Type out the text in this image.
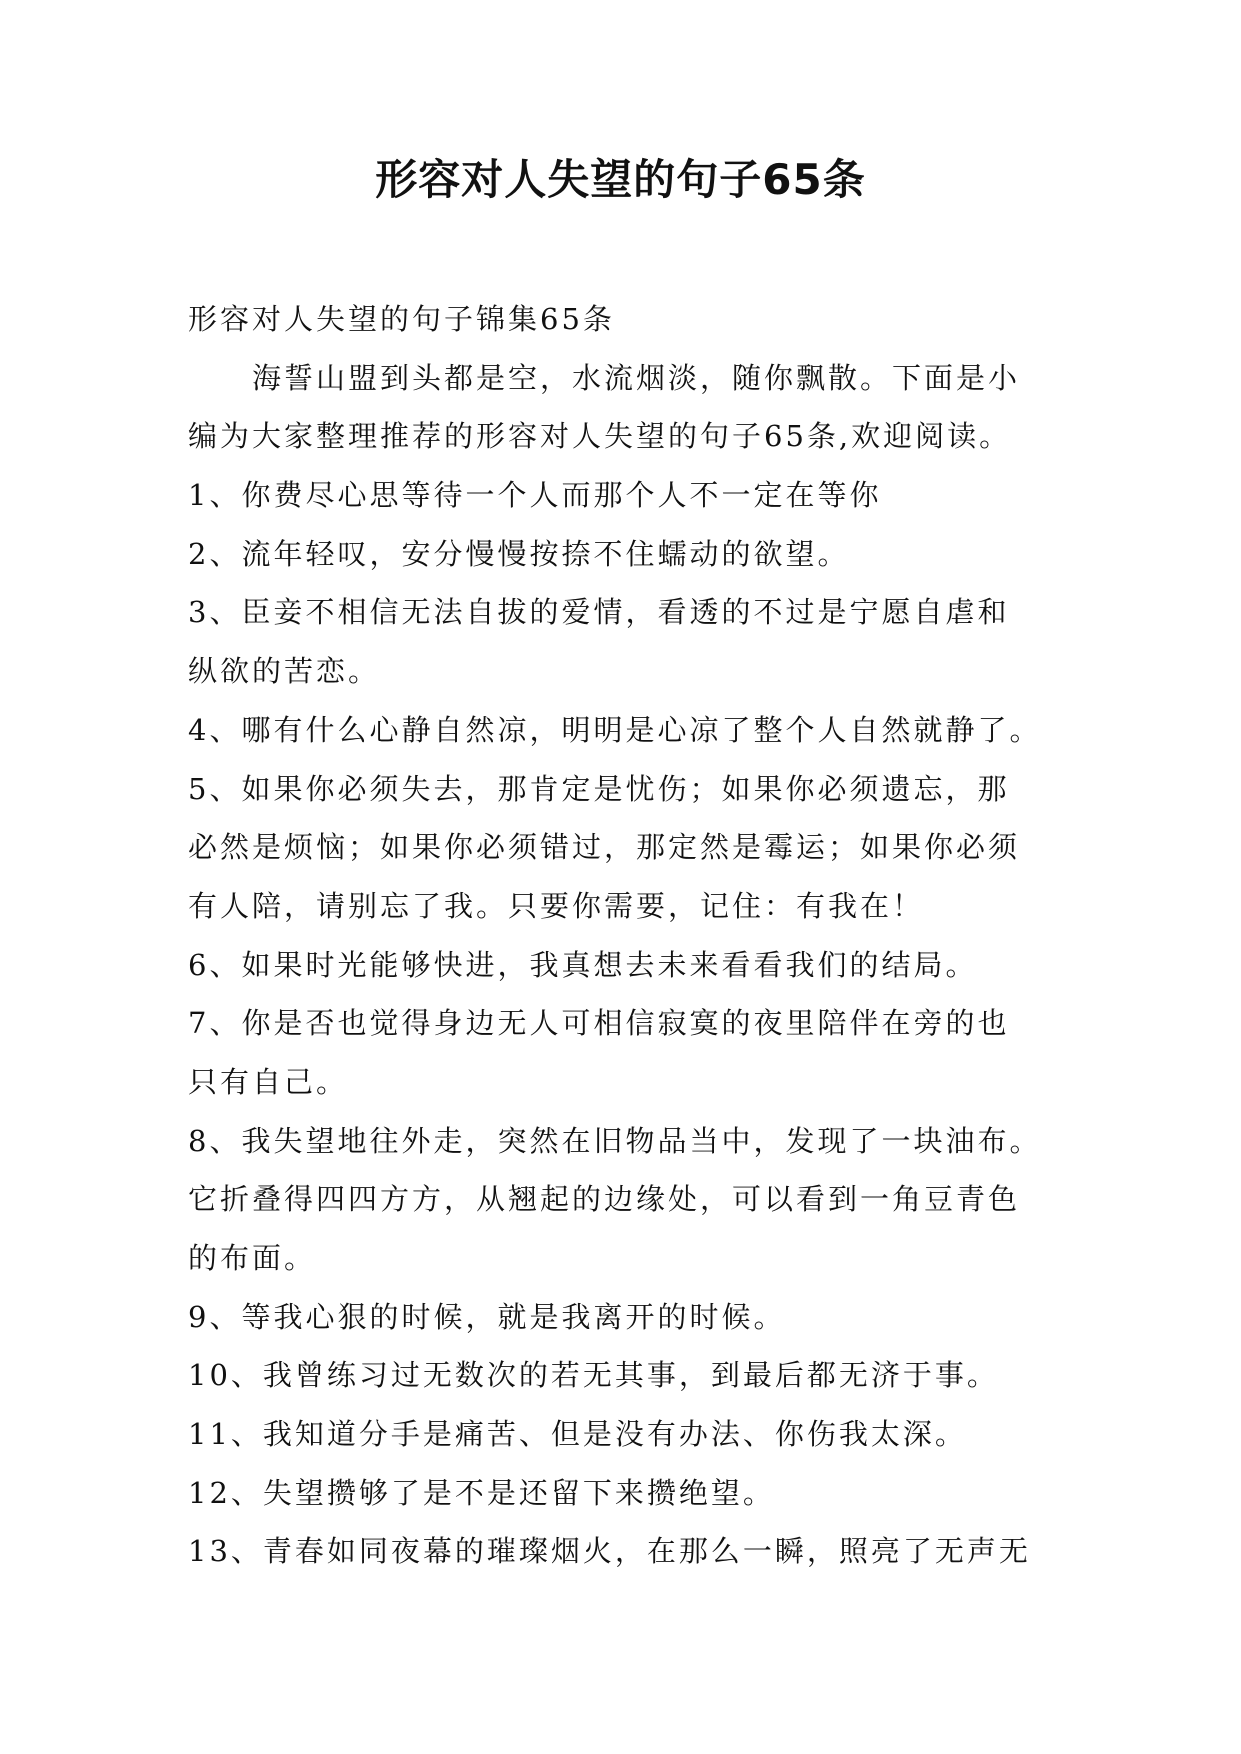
形容对人失望的句子65条
形容对人失望的句子锦集65条
海誓山盟到头都是空，水流烟淡，随你飘散。下面是小
编为大家整理推荐的形容对人失望的句子65条,欢迎阅读。
1、你费尽心思等待一个人而那个人不一定在等你
2、流年轻叹，安分慢慢按捺不住蠕动的欲望。
3、臣妾不相信无法自拔的爱情，看透的不过是宁愿自虐和
纵欲的苦恋。
4、哪有什么心静自然凉，明明是心凉了整个人自然就静了。
5、如果你必须失去，那肯定是忧伤；如果你必须遗忘，那
必然是烦恼；如果你必须错过，那定然是霉运；如果你必须
有人陪，请别忘了我。只要你需要，记住：有我在！
6、如果时光能够快进，我真想去未来看看我们的结局。
7、你是否也觉得身边无人可相信寂寞的夜里陪伴在旁的也
只有自己。
8、我失望地往外走，突然在旧物品当中，发现了一块油布。
它折叠得四四方方，从翘起的边缘处，可以看到一角豆青色
的布面。
9、等我心狠的时候，就是我离开的时候。
10、我曾练习过无数次的若无其事，到最后都无济于事。
11、我知道分手是痛苦、但是没有办法、你伤我太深。
12、失望攒够了是不是还留下来攒绝望。
13、青春如同夜幕的璀璨烟火，在那么一瞬，照亮了无声无
